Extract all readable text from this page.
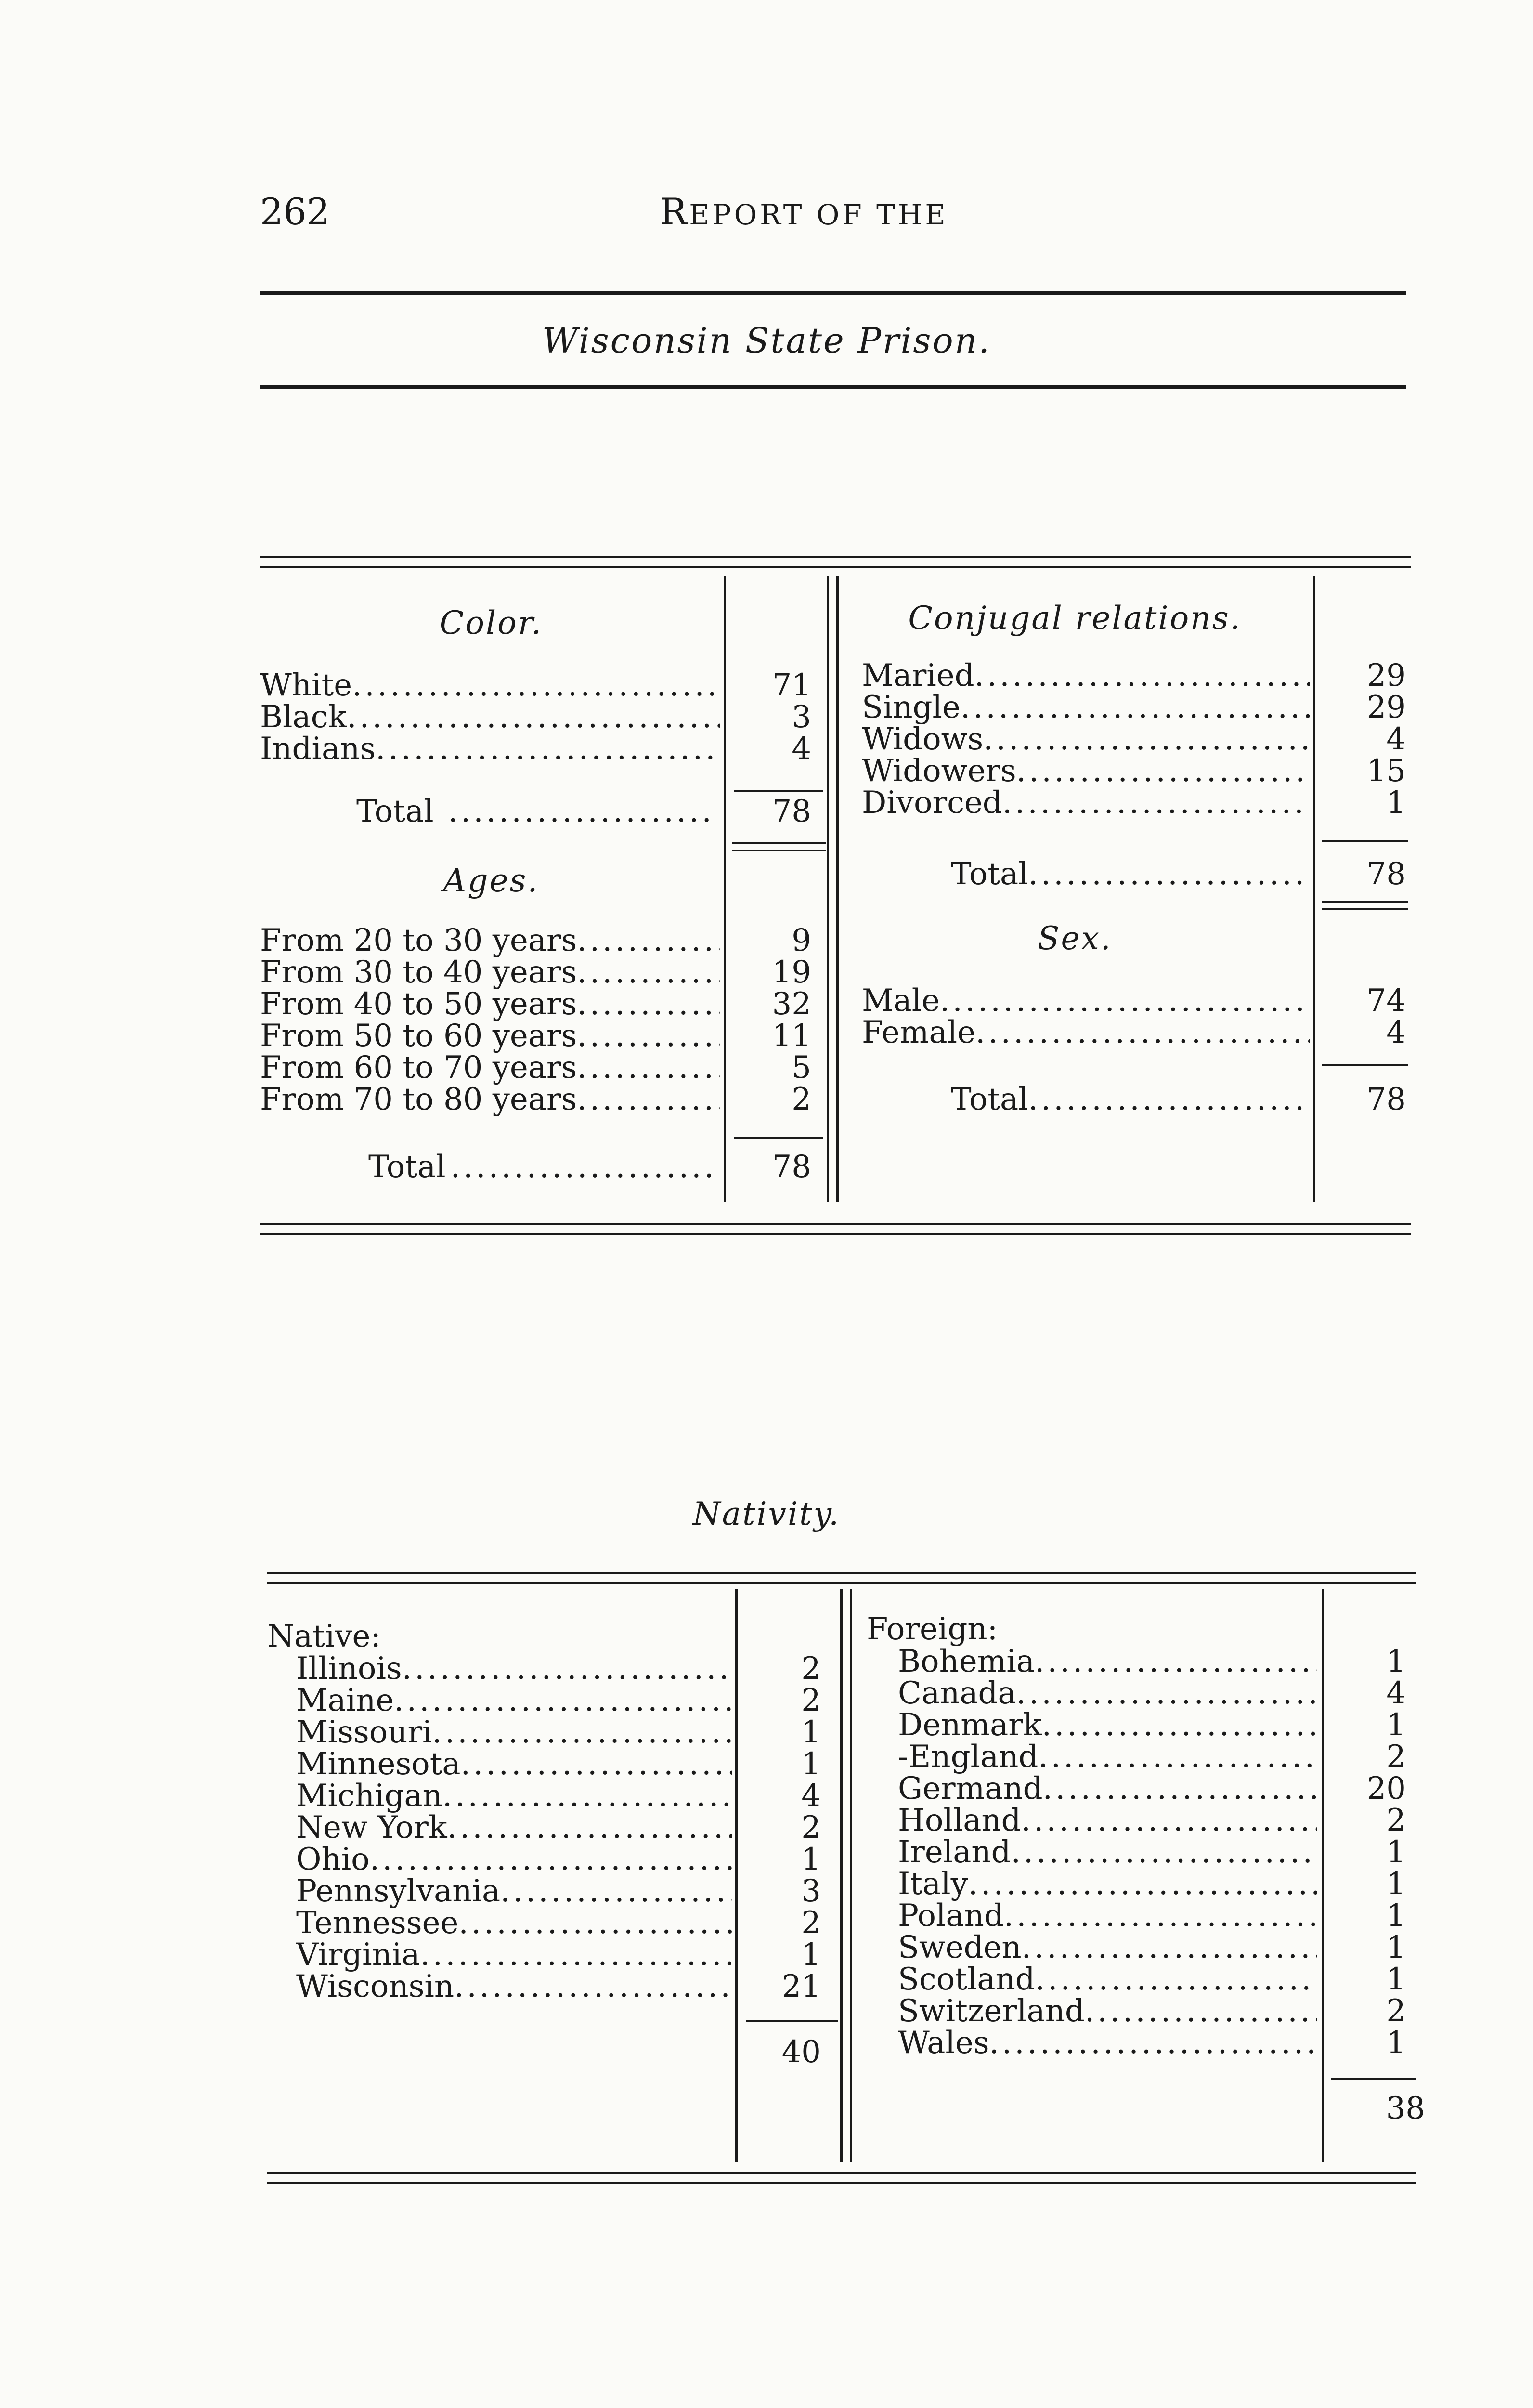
262	REPORT OF THE
Wisconsin State Prison.
Color.
White .....	71
Black .....	3
Indians .....	4
Total .....	78
Ages.
From 20 to 30 years .....	9
From 30 to 40 years .....	19
From 40 to 50 years .....	32
From 50 to 60 years .....	11
From 60 to 70 years .....	5
From 70 to 80 years .....	2
Total .....	78
Conjugal relations.
Maried .....	29
Single .....	29
Widows .....	4
Widowers .....	15
Divorced .....	1
Total .....	78
Sex.
Male .....	74
Female .....	4
Total .....	78
Nativity.
Native:
Illinois .....	2
Maine .....	2
Missouri .....	1
Minnesota .....	1
Michigan .....	4
New York .....	2
Ohio .....	1
Pennsylvania .....	3
Tennessee .....	2
Virginia .....	1
Wisconsin .....	21
40
Foreign:
Bohemia .....	1
Canada .....	4
Denmark .....	1
-England .....	2
Germand .....	20
Holland .....	2
Ireland .....	1
Italy .....	1
Poland .....	1
Sweden .....	1
Scotland .....	1
Switzerland .....	2
Wales .....	1
38
